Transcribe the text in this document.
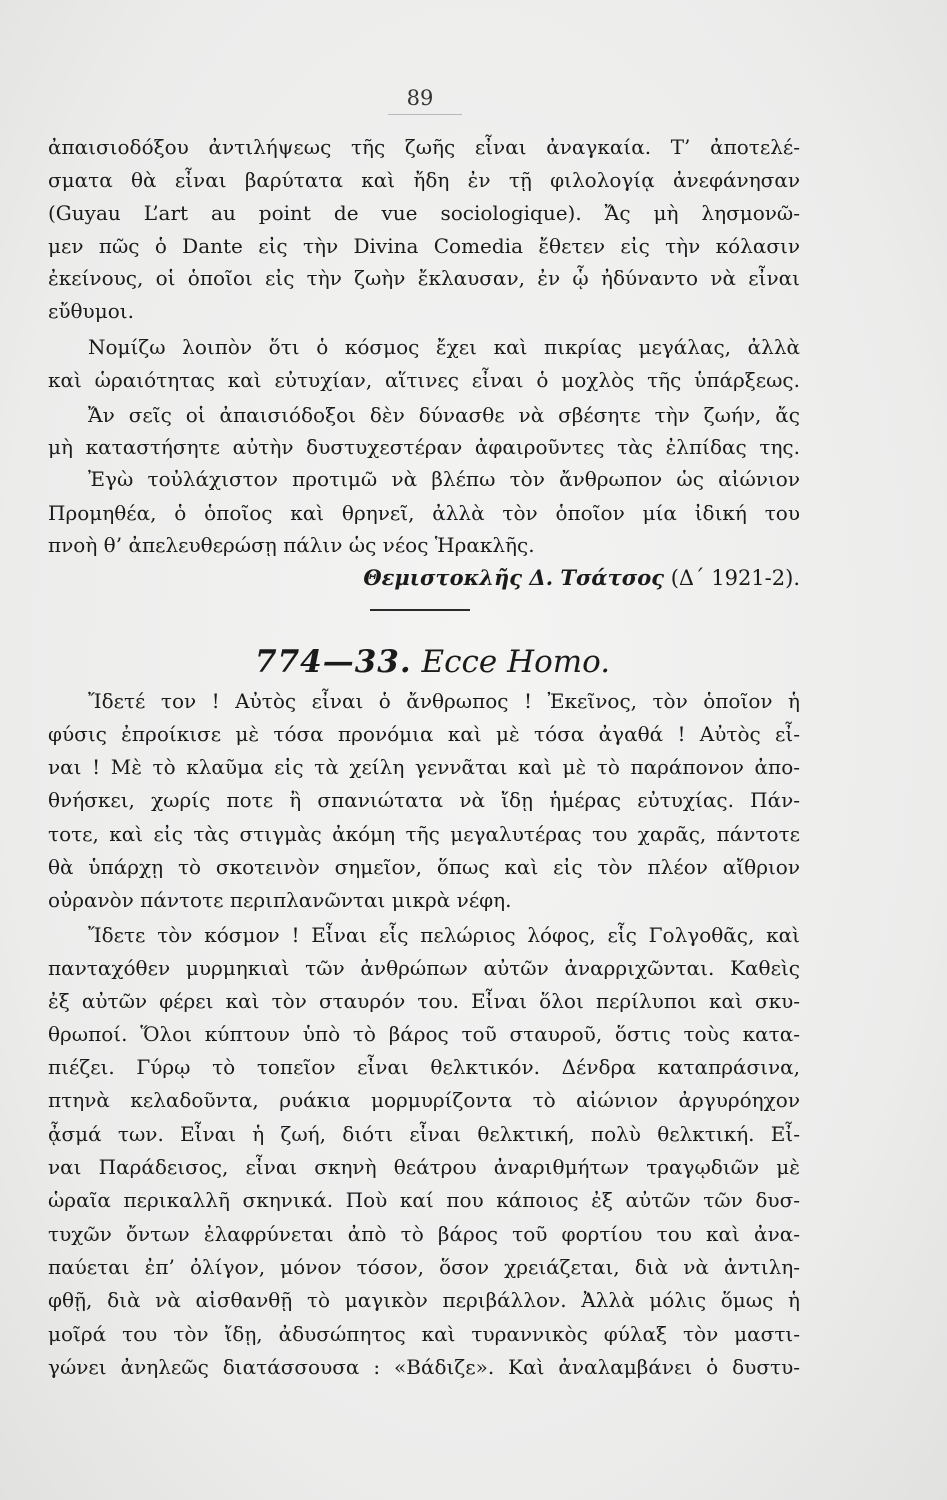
89
ἀπαισιοδόξου ἀντιλήψεως τῆς ζωῆς εἶναι ἀναγκαία. Τ’ ἀποτελέ-
σματα θὰ εἶναι βαρύτατα καὶ ἤδη ἐν τῇ φιλολογίᾳ ἀνεφάνησαν
(Guyau L’art au point de vue sociologique). Ἄς μὴ λησμονῶ-
μεν πῶς ὁ Dante εἰς τὴν Divina Comedia ἔθετεν εἰς τὴν κόλασιν
ἐκείνους, οἱ ὁποῖοι εἰς τὴν ζωὴν ἔκλαυσαν, ἐν ᾧ ἠδύναντο νὰ εἶναι
εὔθυμοι.
Νομίζω λοιπὸν ὅτι ὁ κόσμος ἔχει καὶ πικρίας μεγάλας, ἀλλὰ
καὶ ὡραιότητας καὶ εὐτυχίαν, αἵτινες εἶναι ὁ μοχλὸς τῆς ὑπάρξεως.
Ἄν σεῖς οἱ ἀπαισιόδοξοι δὲν δύνασθε νὰ σβέσητε τὴν ζωήν, ἄς
μὴ καταστήσητε αὐτὴν δυστυχεστέραν ἀφαιροῦντες τὰς ἐλπίδας της.
Ἐγὼ τοὐλάχιστον προτιμῶ νὰ βλέπω τὸν ἄνθρωπον ὡς αἰώνιον
Προμηθέα, ὁ ὁποῖος καὶ θρηνεῖ, ἀλλὰ τὸν ὁποῖον μία ἰδική του
πνοὴ θ’ ἀπελευθερώσῃ πάλιν ὡς νέος Ἡρακλῆς.
Θεμιστοκλῆς Δ. Τσάτσος (Δ΄ 1921-2).
774—33. Ecce Homo.
Ἴδετέ τον ! Αὐτὸς εἶναι ὁ ἄνθρωπος ! Ἐκεῖνος, τὸν ὁποῖον ἡ
φύσις ἐπροίκισε μὲ τόσα προνόμια καὶ μὲ τόσα ἀγαθά ! Αὐτὸς εἶ-
ναι ! Μὲ τὸ κλαῦμα εἰς τὰ χείλη γεννᾶται καὶ μὲ τὸ παράπονον ἀπο-
θνήσκει, χωρίς ποτε ἢ σπανιώτατα νὰ ἴδῃ ἡμέρας εὐτυχίας. Πάν-
τοτε, καὶ εἰς τὰς στιγμὰς ἀκόμη τῆς μεγαλυτέρας του χαρᾶς, πάντοτε
θὰ ὑπάρχῃ τὸ σκοτεινὸν σημεῖον, ὅπως καὶ εἰς τὸν πλέον αἴθριον
οὐρανὸν πάντοτε περιπλανῶνται μικρὰ νέφη.
Ἴδετε τὸν κόσμον ! Εἶναι εἷς πελώριος λόφος, εἷς Γολγοθᾶς, καὶ
πανταχόθεν μυρμηκιαὶ τῶν ἀνθρώπων αὐτῶν ἀναρριχῶνται. Καθεὶς
ἐξ αὐτῶν φέρει καὶ τὸν σταυρόν του. Εἶναι ὅλοι περίλυποι καὶ σκυ-
θρωποί. Ὅλοι κύπτουν ὑπὸ τὸ βάρος τοῦ σταυροῦ, ὅστις τοὺς κατα-
πιέζει. Γύρῳ τὸ τοπεῖον εἶναι θελκτικόν. Δένδρα καταπράσινα,
πτηνὰ κελαδοῦντα, ρυάκια μορμυρίζοντα τὸ αἰώνιον ἀργυρόηχον
ᾆσμά των. Εἶναι ἡ ζωή, διότι εἶναι θελκτική, πολὺ θελκτική. Εἶ-
ναι Παράδεισος, εἶναι σκηνὴ θεάτρου ἀναριθμήτων τραγῳδιῶν μὲ
ὡραῖα περικαλλῆ σκηνικά. Ποὺ καί που κάποιος ἐξ αὐτῶν τῶν δυσ-
τυχῶν ὄντων ἐλαφρύνεται ἀπὸ τὸ βάρος τοῦ φορτίου του καὶ ἀνα-
παύεται ἐπ’ ὀλίγον, μόνον τόσον, ὅσον χρειάζεται, διὰ νὰ ἀντιλη-
φθῇ, διὰ νὰ αἰσθανθῇ τὸ μαγικὸν περιβάλλον. Ἀλλὰ μόλις ὅμως ἡ
μοῖρά του τὸν ἴδῃ, ἀδυσώπητος καὶ τυραννικὸς φύλαξ τὸν μαστι-
γώνει ἀνηλεῶς διατάσσουσα : «Βάδιζε». Καὶ ἀναλαμβάνει ὁ δυστυ-
